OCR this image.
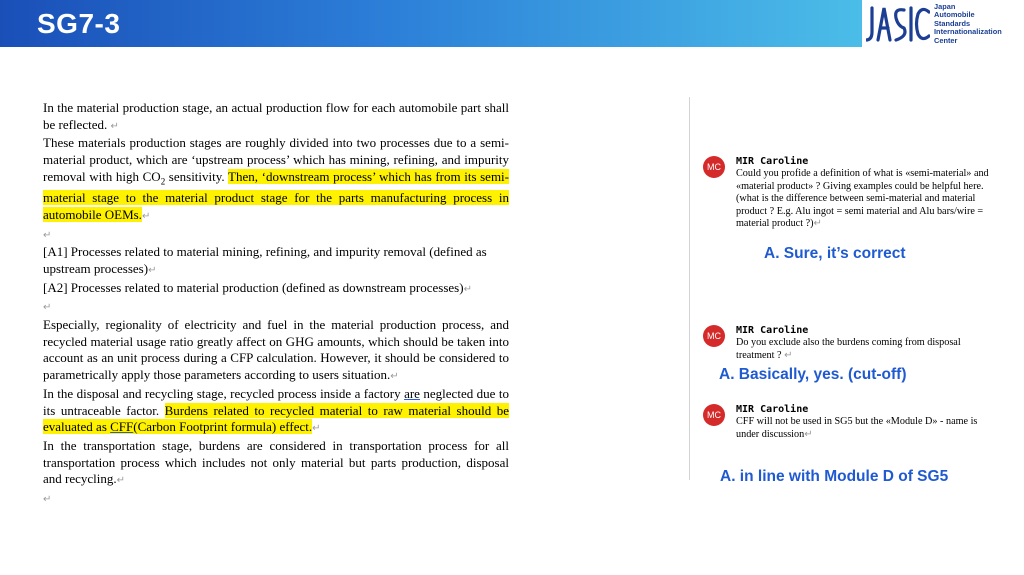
SG7-3
Japan
Automobile
Standards
Internationalization
Center

In the material production stage, an actual production flow for each automobile part shall be reflected. ↵

These materials production stages are roughly divided into two processes due to a semi-material product, which are ‘upstream process’ which has mining, refining, and impurity removal with high $CO_2$ sensitivity. Then, ‘downstream process’ which has from its semi-material stage to the material product stage for the parts manufacturing process in automobile OEMs.↵

↵

[A1] Processes related to material mining, refining, and impurity removal (defined as upstream processes)↵

[A2] Processes related to material production (defined as downstream processes)↵

↵

Especially, regionality of electricity and fuel in the material production process, and recycled material usage ratio greatly affect on GHG amounts, which should be taken into account as an unit process during a CFP calculation. However, it should be considered to parametrically apply those parameters according to users situation.↵

In the disposal and recycling stage, recycled process inside a factory are neglected due to its untraceable factor. Burdens related to recycled material to raw material should be evaluated as CFF(Carbon Footprint formula) effect.↵

In the transportation stage, burdens are considered in transportation process for all transportation process which includes not only material but parts production, disposal and recycling.↵

↵

MC	MIR Caroline
Could you profide a definition of what is «semi-material» and «material product» ? Giving examples could be helpful here. (what is the difference between semi-material and material product ? E.g. Alu ingot = semi material and Alu bars/wire = material product ?)↵
A. Sure, it’s correct
MC	MIR Caroline
Do you exclude also the burdens coming from disposal treatment ? ↵
A. Basically, yes. (cut-off)
MC	MIR Caroline
CFF will not be used in SG5 but the «Module D» - name is under discussion↵
A. in line with Module D of SG5
